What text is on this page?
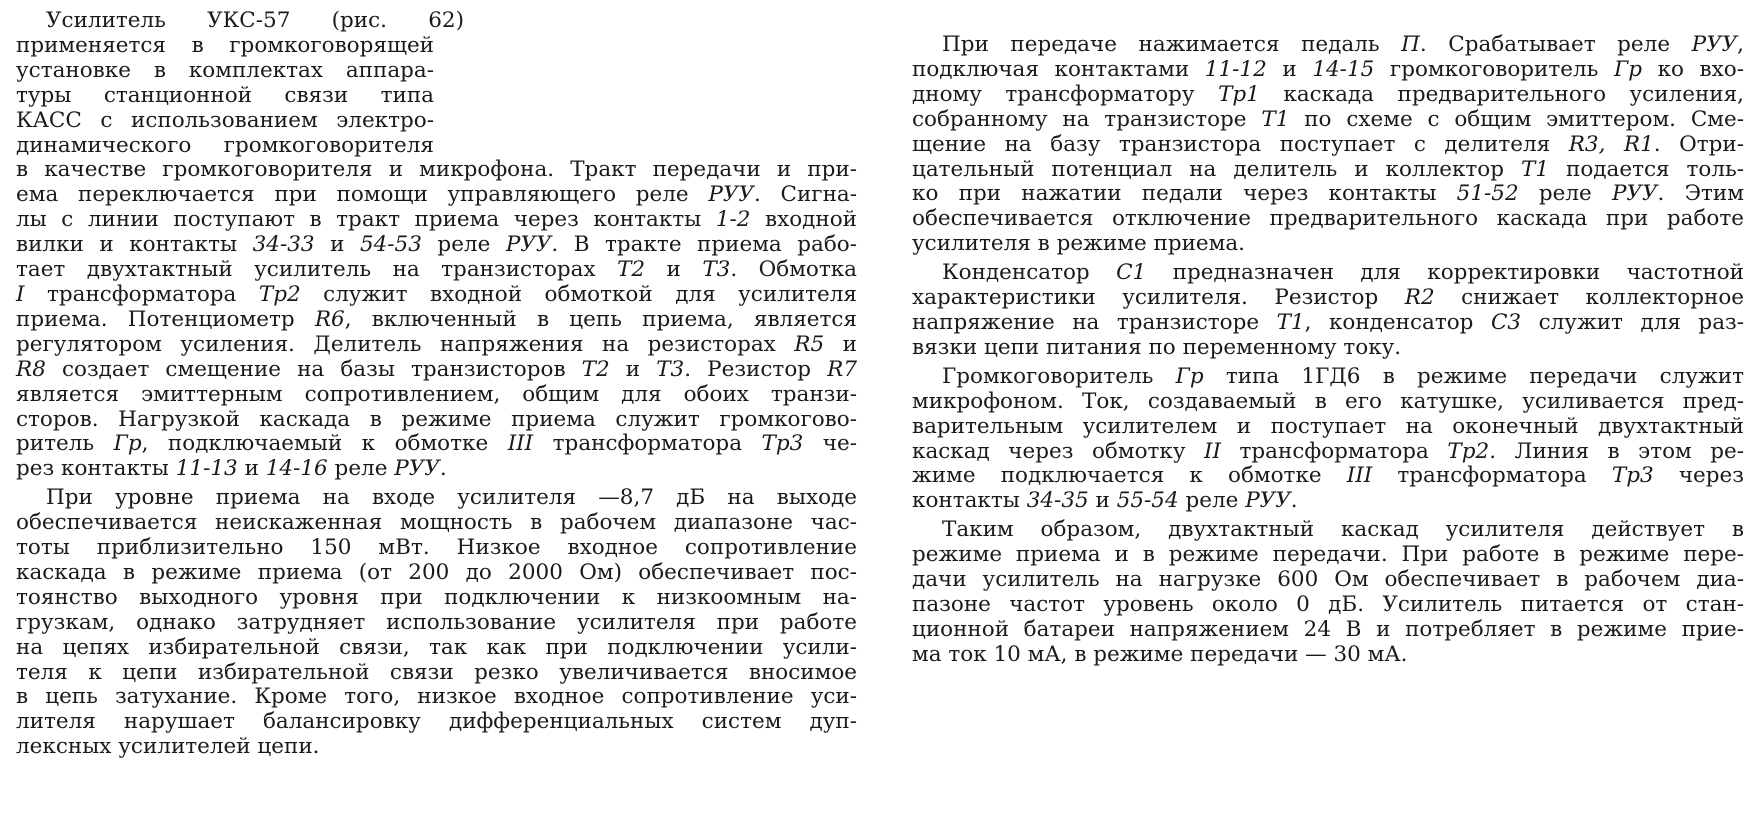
Усилитель УКС-57 (рис. 62)
применяется в громкоговорящей
установке в комплектах аппара-
туры станционной связи типа
КАСС с использованием электро-
динамического громкоговорителя
в качестве громкоговорителя и микрофона. Тракт передачи и при-
ема переключается при помощи управляющего реле РУУ. Сигна-
лы с линии поступают в тракт приема через контакты 1-2 входной
вилки и контакты 34-33 и 54-53 реле РУУ. В тракте приема рабо-
тает двухтактный усилитель на транзисторах Т2 и Т3. Обмотка
I трансформатора Тр2 служит входной обмоткой для усилителя
приема. Потенциометр R6, включенный в цепь приема, является
регулятором усиления. Делитель напряжения на резисторах R5 и
R8 создает смещение на базы транзисторов Т2 и Т3. Резистор R7
является эмиттерным сопротивлением, общим для обоих транзи-
сторов. Нагрузкой каскада в режиме приема служит громкогово-
ритель Гр, подключаемый к обмотке III трансформатора Тр3 че-
рез контакты 11-13 и 14-16 реле РУУ.
При уровне приема на входе усилителя —8,7 дБ на выходе
обеспечивается неискаженная мощность в рабочем диапазоне час-
тоты приблизительно 150 мВт. Низкое входное сопротивление
каскада в режиме приема (от 200 до 2000 Ом) обеспечивает пос-
тоянство выходного уровня при подключении к низкоомным на-
грузкам, однако затрудняет использование усилителя при работе
на цепях избирательной связи, так как при подключении усили-
теля к цепи избирательной связи резко увеличивается вносимое
в цепь затухание. Кроме того, низкое входное сопротивление уси-
лителя нарушает балансировку дифференциальных систем дуп-
лексных усилителей цепи.
При передаче нажимается педаль П. Срабатывает реле РУУ,
подключая контактами 11-12 и 14-15 громкоговоритель Гр ко вхо-
дному трансформатору Тр1 каскада предварительного усиления,
собранному на транзисторе Т1 по схеме с общим эмиттером. Сме-
щение на базу транзистора поступает с делителя R3, R1. Отри-
цательный потенциал на делитель и коллектор Т1 подается толь-
ко при нажатии педали через контакты 51-52 реле РУУ. Этим
обеспечивается отключение предварительного каскада при работе
усилителя в режиме приема.
Конденсатор С1 предназначен для корректировки частотной
характеристики усилителя. Резистор R2 снижает коллекторное
напряжение на транзисторе Т1, конденсатор С3 служит для раз-
вязки цепи питания по переменному току.
Громкоговоритель Гр типа 1ГД6 в режиме передачи служит
микрофоном. Ток, создаваемый в его катушке, усиливается пред-
варительным усилителем и поступает на оконечный двухтактный
каскад через обмотку II трансформатора Тр2. Линия в этом ре-
жиме подключается к обмотке III трансформатора Тр3 через
контакты 34-35 и 55-54 реле РУУ.
Таким образом, двухтактный каскад усилителя действует в
режиме приема и в режиме передачи. При работе в режиме пере-
дачи усилитель на нагрузке 600 Ом обеспечивает в рабочем диа-
пазоне частот уровень около 0 дБ. Усилитель питается от стан-
ционной батареи напряжением 24 В и потребляет в режиме прие-
ма ток 10 мА, в режиме передачи — 30 мА.
